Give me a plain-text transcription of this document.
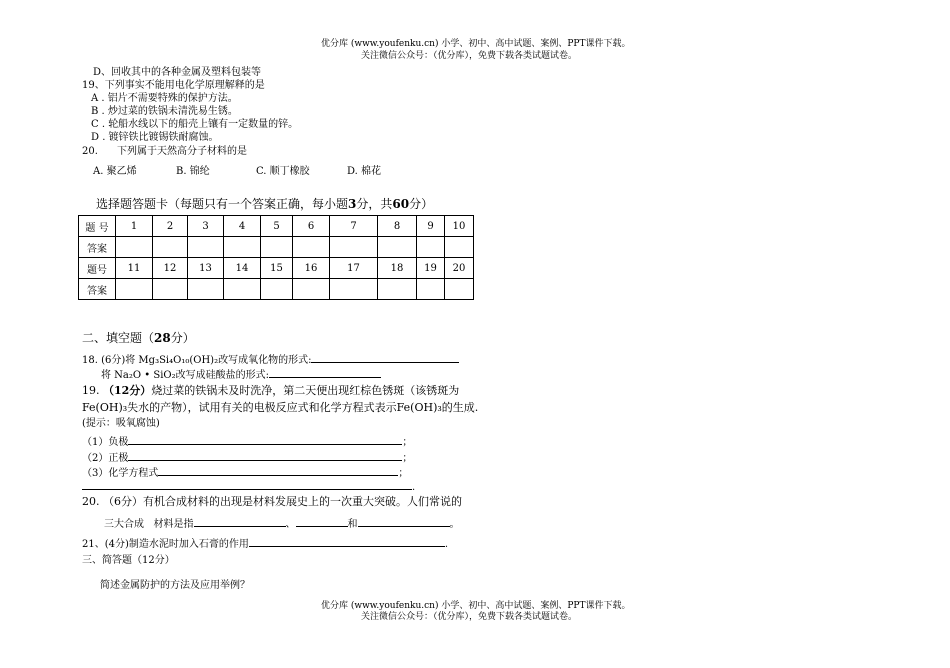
优分库 (www.youfenku.cn) 小学、初中、高中试题、案例、PPT课件下载。
关注微信公众号：（优分库），免费下载各类试题试卷。
D、回收其中的各种金属及塑料包装等
19、下列事实不能用电化学原理解释的是
A . 铝片不需要特殊的保护方法。
B . 炒过菜的铁锅未清洗易生锈。
C . 轮船水线以下的船壳上镶有一定数量的锌。
D . 镀锌铁比镀锡铁耐腐蚀。
20.      下列属于天然高分子材料的是
A. 聚乙烯	B. 锦纶	C. 顺丁橡胶	D. 棉花
选择题答题卡（每题只有一个答案正确，每小题3分，共60分）
题 号	1	2	3	4	5	6	7	8	9	10
答案										
题号	11	12	13	14	15	16	17	18	19	20
答案										
二、填空题（28分）
18. (6分)将 Mg₃Si₄O₁₀(OH)₂改写成氧化物的形式:
将 Na₂O • SiO₂改写成硅酸盐的形式:
19. （12分）烧过菜的铁锅未及时洗净，第二天便出现红棕色锈斑（该锈斑为
Fe(OH)₃失水的产物），试用有关的电极反应式和化学方程式表示Fe(OH)₃的生成.
(提示：吸氧腐蚀)
（1）负极	；
（2）正极	；
（3）化学方程式	；
.
20. （6分）有机合成材料的出现是材料发展史上的一次重大突破。人们常说的
三大合成   材料是指	、	和	。
21、(4分)制造水泥时加入石膏的作用	.
三、简答题（12分）
简述金属防护的方法及应用举例？
优分库 (www.youfenku.cn) 小学、初中、高中试题、案例、PPT课件下载。
关注微信公众号：（优分库），免费下载各类试题试卷。
